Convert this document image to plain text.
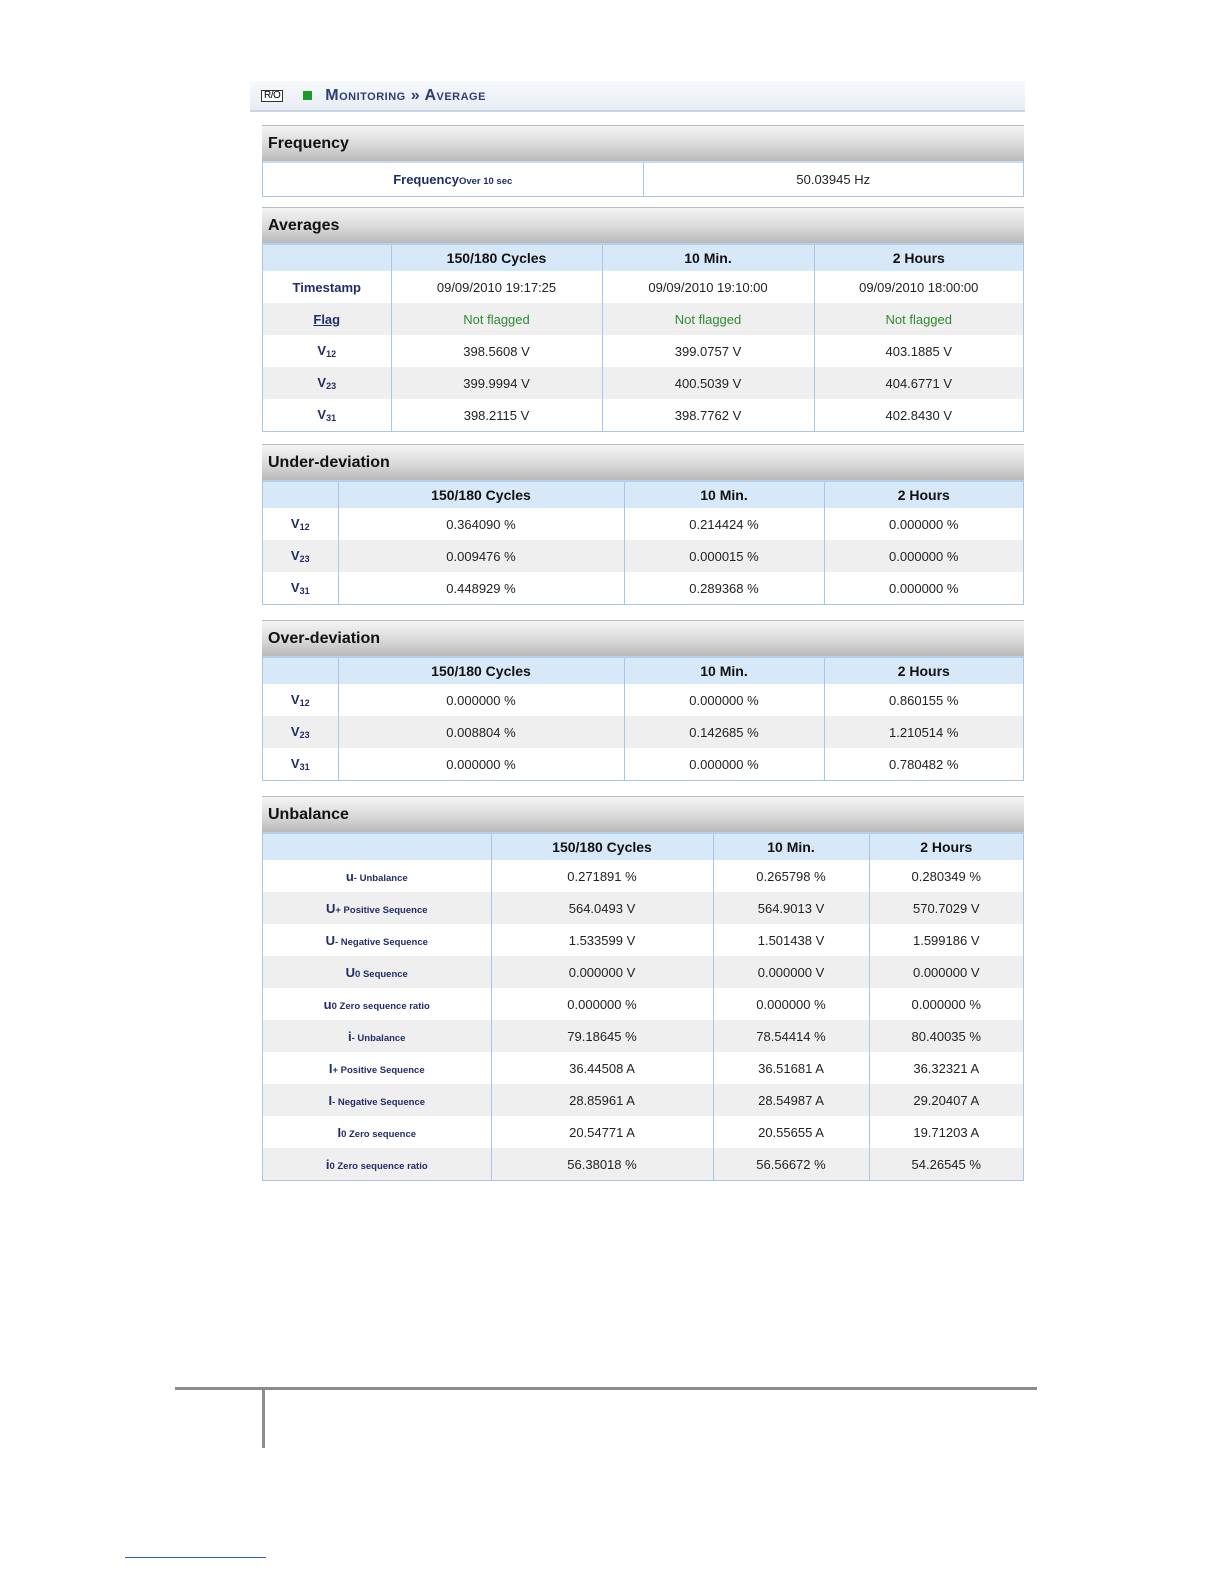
R/O	Monitoring » Average
Frequency
FrequencyOver 10 sec	50.03945 Hz
Averages
	150/180 Cycles	10 Min.	2 Hours
Timestamp	09/09/2010 19:17:25	09/09/2010 19:10:00	09/09/2010 18:00:00
Flag	Not flagged	Not flagged	Not flagged
$V_{12}$	398.5608 V	399.0757 V	403.1885 V
$V_{23}$	399.9994 V	400.5039 V	404.6771 V
$V_{31}$	398.2115 V	398.7762 V	402.8430 V
Under-deviation
	150/180 Cycles	10 Min.	2 Hours
$V_{12}$	0.364090 %	0.214424 %	0.000000 %
$V_{23}$	0.009476 %	0.000015 %	0.000000 %
$V_{31}$	0.448929 %	0.289368 %	0.000000 %
Over-deviation
	150/180 Cycles	10 Min.	2 Hours
$V_{12}$	0.000000 %	0.000000 %	0.860155 %
$V_{23}$	0.008804 %	0.142685 %	1.210514 %
$V_{31}$	0.000000 %	0.000000 %	0.780482 %
Unbalance
	150/180 Cycles	10 Min.	2 Hours
u- Unbalance	0.271891 %	0.265798 %	0.280349 %
U+ Positive Sequence	564.0493 V	564.9013 V	570.7029 V
U- Negative Sequence	1.533599 V	1.501438 V	1.599186 V
U0 Sequence	0.000000 V	0.000000 V	0.000000 V
u0 Zero sequence ratio	0.000000 %	0.000000 %	0.000000 %
i- Unbalance	79.18645 %	78.54414 %	80.40035 %
I+ Positive Sequence	36.44508 A	36.51681 A	36.32321 A
I- Negative Sequence	28.85961 A	28.54987 A	29.20407 A
I0 Zero sequence	20.54771 A	20.55655 A	19.71203 A
i0 Zero sequence ratio	56.38018 %	56.56672 %	54.26545 %
